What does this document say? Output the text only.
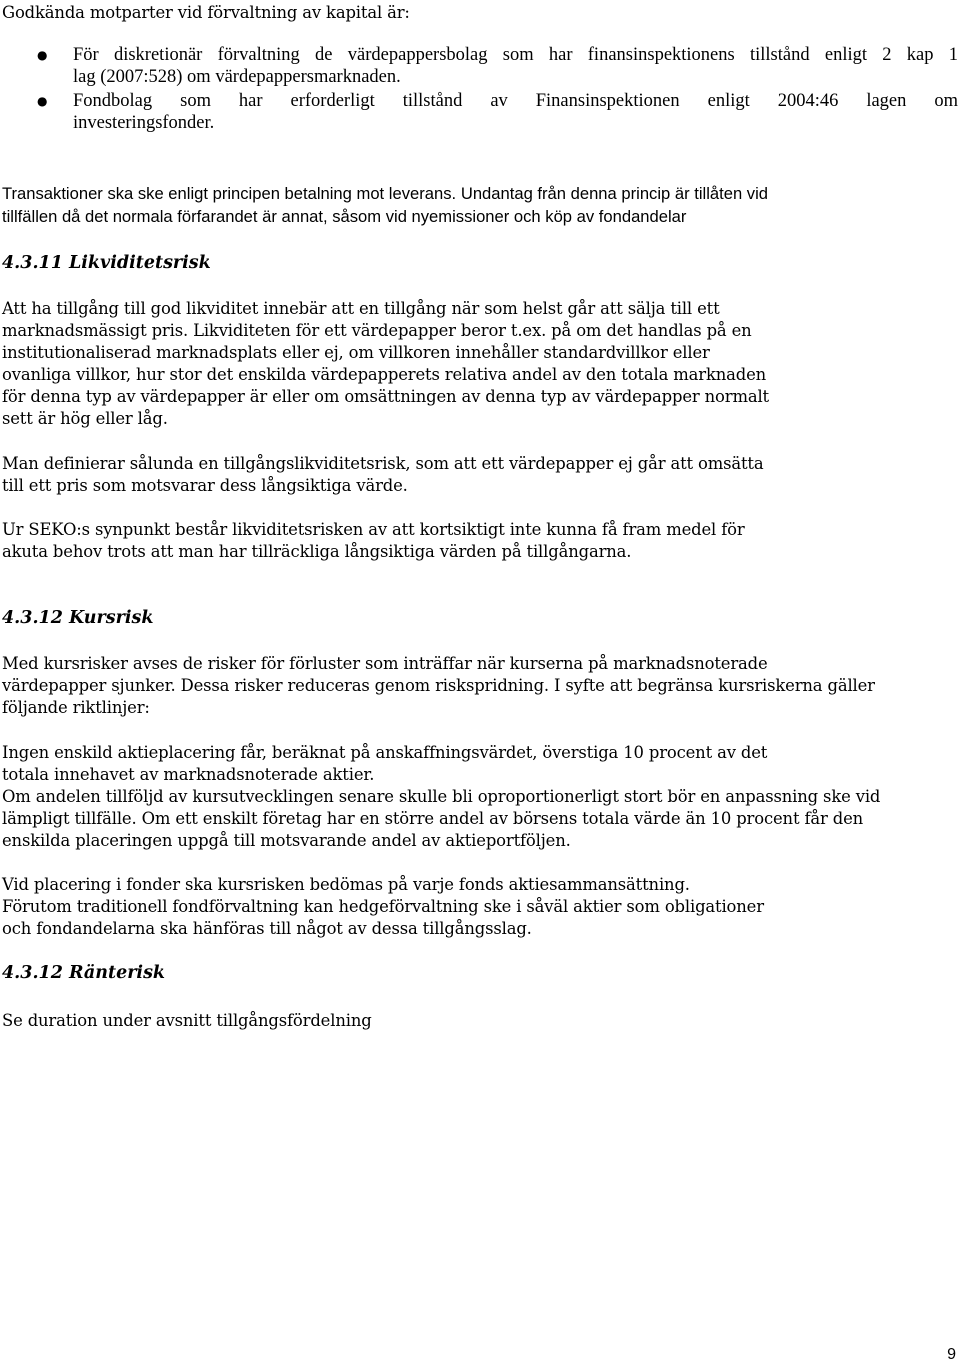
Godkända motparter vid förvaltning av kapital är:

● För diskretionär förvaltning de värdepappersbolag som har finansinspektionens tillstånd enligt 2 kap 1
lag (2007:528) om värdepappersmarknaden.
● Fondbolag som har erforderligt tillstånd av Finansinspektionen enligt 2004:46 lagen om
investeringsfonder.
Transaktioner ska ske enligt principen betalning mot leverans. Undantag från denna princip är tillåten vid
tillfällen då det normala förfarandet är annat, såsom vid nyemissioner och köp av fondandelar
4.3.11 Likviditetsrisk
Att ha tillgång till god likviditet innebär att en tillgång när som helst går att sälja till ett
marknadsmässigt pris. Likviditeten för ett värdepapper beror t.ex. på om det handlas på en
institutionaliserad marknadsplats eller ej, om villkoren innehåller standardvillkor eller
ovanliga villkor, hur stor det enskilda värdepapperets relativa andel av den totala marknaden
för denna typ av värdepapper är eller om omsättningen av denna typ av värdepapper normalt
sett är hög eller låg.
Man definierar sålunda en tillgångslikviditetsrisk, som att ett värdepapper ej går att omsätta
till ett pris som motsvarar dess långsiktiga värde.
Ur SEKO:s synpunkt består likviditetsrisken av att kortsiktigt inte kunna få fram medel för
akuta behov trots att man har tillräckliga långsiktiga värden på tillgångarna.
4.3.12 Kursrisk
Med kursrisker avses de risker för förluster som inträffar när kurserna på marknadsnoterade
värdepapper sjunker. Dessa risker reduceras genom riskspridning. I syfte att begränsa kursriskerna gäller
följande riktlinjer:
Ingen enskild aktieplacering får, beräknat på anskaffningsvärdet, överstiga 10 procent av det
totala innehavet av marknadsnoterade aktier.
Om andelen tillföljd av kursutvecklingen senare skulle bli oproportionerligt stort bör en anpassning ske vid
lämpligt tillfälle. Om ett enskilt företag har en större andel av börsens totala värde än 10 procent får den
enskilda placeringen uppgå till motsvarande andel av aktieportföljen.
Vid placering i fonder ska kursrisken bedömas på varje fonds aktiesammansättning.
Förutom traditionell fondförvaltning kan hedgeförvaltning ske i såväl aktier som obligationer
och fondandelarna ska hänföras till något av dessa tillgångsslag.
4.3.12 Ränterisk

Se duration under avsnitt tillgångsfördelning

9
